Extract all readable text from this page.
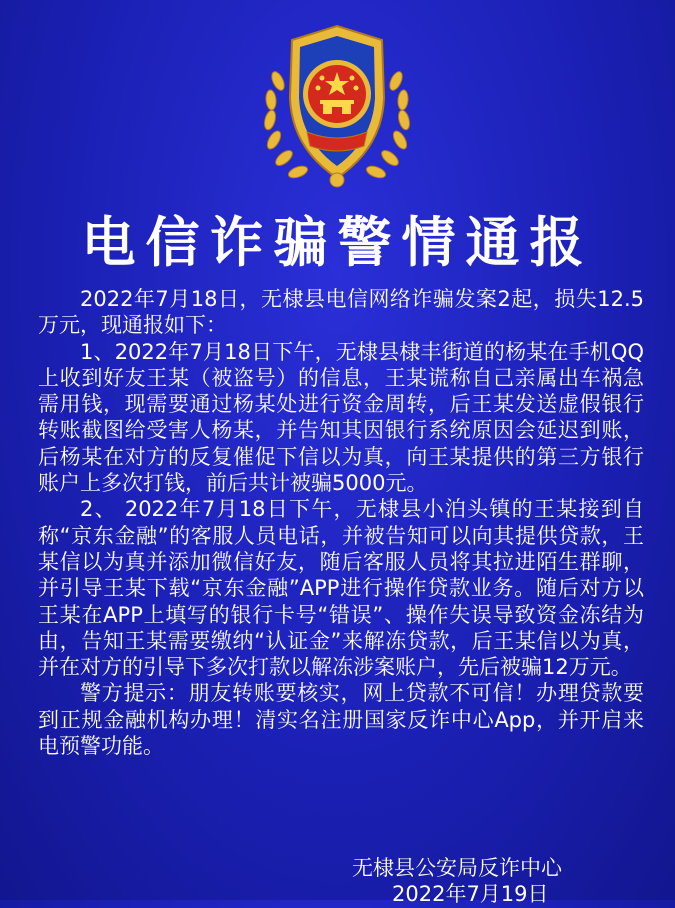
电信诈骗警情通报

2022年7月18日，无棣县电信网络诈骗发案2起，损失12.5万元，现通报如下：

1、2022年7月18日下午，无棣县棣丰街道的杨某在手机QQ上收到好友王某（被盗号）的信息，王某谎称自己亲属出车祸急需用钱，现需要通过杨某处进行资金周转，后王某发送虚假银行转账截图给受害人杨某，并告知其因银行系统原因会延迟到账，后杨某在对方的反复催促下信以为真，向王某提供的第三方银行账户上多次打钱，前后共计被骗5000元。

2、 2022年7月18日下午，无棣县小泊头镇的王某接到自称“京东金融”的客服人员电话，并被告知可以向其提供贷款，王某信以为真并添加微信好友，随后客服人员将其拉进陌生群聊，并引导王某下载“京东金融”APP进行操作贷款业务。随后对方以王某在APP上填写的银行卡号“错误”、操作失误导致资金冻结为由，告知王某需要缴纳“认证金”来解冻贷款，后王某信以为真，并在对方的引导下多次打款以解冻涉案账户，先后被骗12万元。

警方提示：朋友转账要核实，网上贷款不可信！办理贷款要到正规金融机构办理！清实名注册国家反诈中心App，并开启来电预警功能。

无棣县公安局反诈中心
2022年7月19日
